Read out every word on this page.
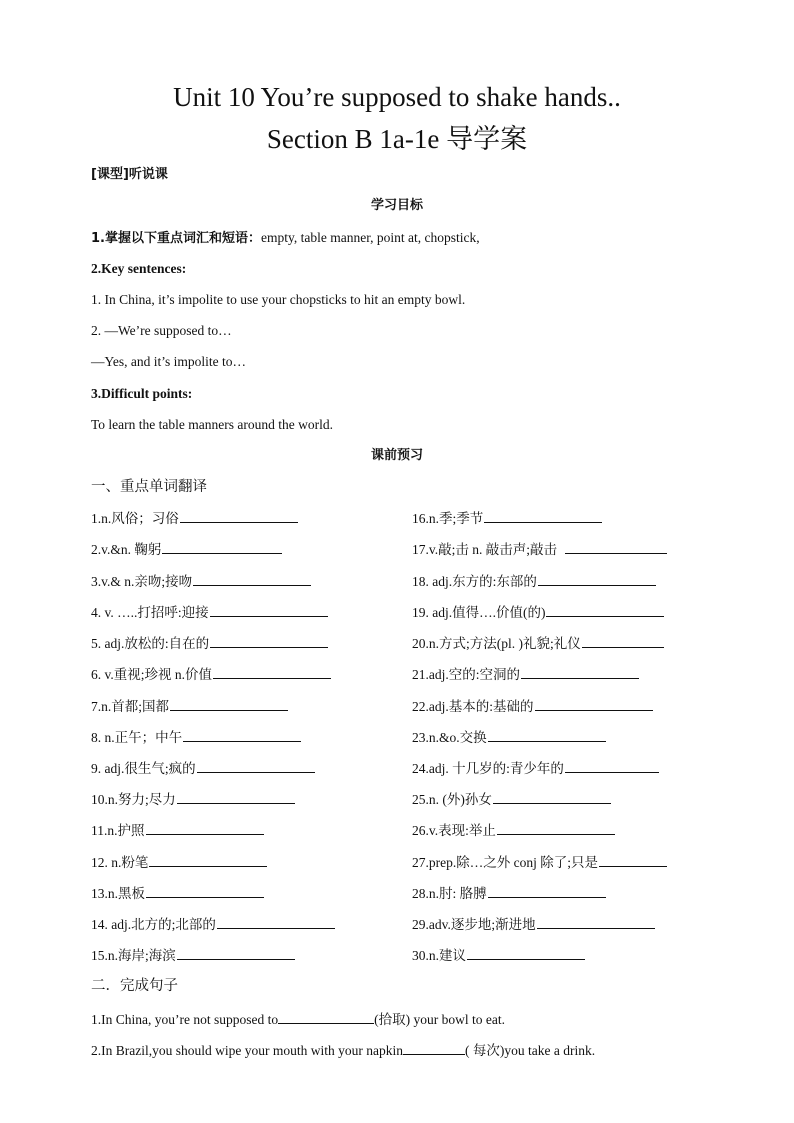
Unit 10 You’re supposed to shake hands..
Section B 1a-1e 导学案
[课型]听说课
学习目标
1.掌握以下重点词汇和短语：empty, table manner, point at, chopstick,
2.Key sentences:
1. In China, it’s impolite to use your chopsticks to hit an empty bowl.
2. —We’re supposed to…
—Yes, and it’s impolite to…
3.Difficult points:
To learn the table manners around the world.
课前预习
一、重点单词翻译
1.n.风俗；习俗
2.v.&n. 鞠躬
3.v.& n.亲吻;接吻
4. v. …..打招呼:迎接
5. adj.放松的:自在的
6. v.重视;珍视 n.价值
7.n.首都;国都
8. n.正午；中午
9. adj.很生气;疯的
10.n.努力;尽力
11.n.护照
12. n.粉笔
13.n.黑板
14. adj.北方的;北部的
15.n.海岸;海滨
16.n.季;季节
17.v.敲;击 n. 敲击声;敲击
18. adj.东方的:东部的
19. adj.值得….价值(的)
20.n.方式;方法(pl. )礼貌;礼仪
21.adj.空的:空洞的
22.adj.基本的:基础的
23.n.&o.交换
24.adj. 十几岁的:青少年的
25.n. (外)孙女
26.v.表现:举止
27.prep.除…之外 conj 除了;只是
28.n.肘: 胳膊
29.adv.逐步地;渐进地
30.n.建议
二．完成句子
1.In China, you’re not supposed to	(拾取) your bowl to eat.
2.In Brazil,you should wipe your mouth with your napkin	( 每次)you take a drink.
